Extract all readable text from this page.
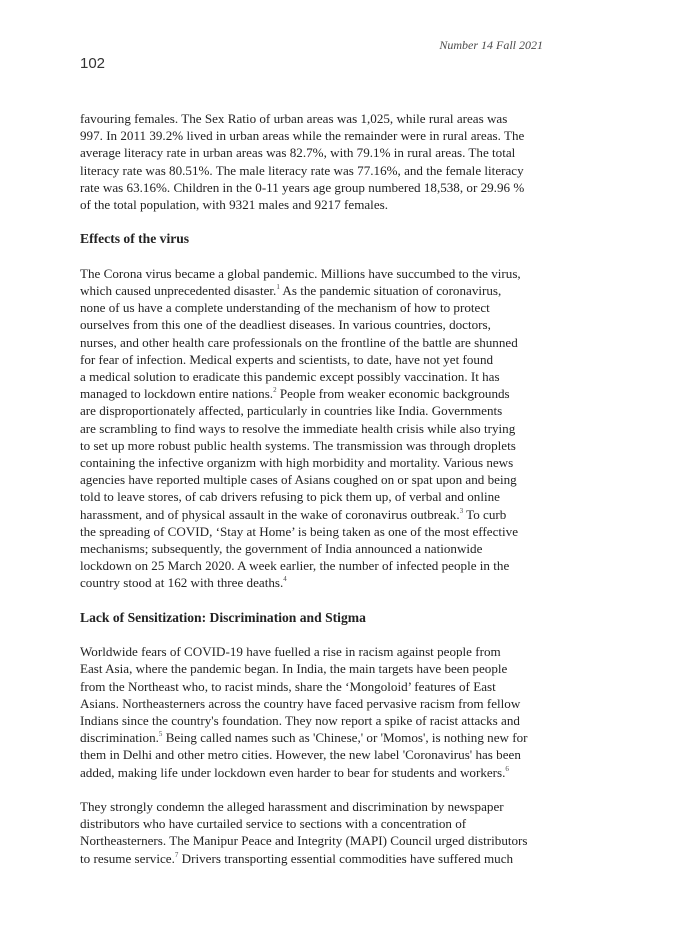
Number 14 Fall 2021
102
favouring females. The Sex Ratio of urban areas was 1,025, while rural areas was
997. In 2011 39.2% lived in urban areas while the remainder were in rural areas. The
average literacy rate in urban areas was 82.7%, with 79.1% in rural areas. The total
literacy rate was 80.51%. The male literacy rate was 77.16%, and the female literacy
rate was 63.16%. Children in the 0-11 years age group numbered 18,538, or 29.96 %
of the total population, with 9321 males and 9217 females.
Effects of the virus
The Corona virus became a global pandemic. Millions have succumbed to the virus,
which caused unprecedented disaster.$^1$ As the pandemic situation of coronavirus,
none of us have a complete understanding of the mechanism of how to protect
ourselves from this one of the deadliest diseases. In various countries, doctors,
nurses, and other health care professionals on the frontline of the battle are shunned
for fear of infection. Medical experts and scientists, to date, have not yet found
a medical solution to eradicate this pandemic except possibly vaccination. It has
managed to lockdown entire nations.$^2$ People from weaker economic backgrounds
are disproportionately affected, particularly in countries like India. Governments
are scrambling to find ways to resolve the immediate health crisis while also trying
to set up more robust public health systems. The transmission was through droplets
containing the infective organizm with high morbidity and mortality. Various news
agencies have reported multiple cases of Asians coughed on or spat upon and being
told to leave stores, of cab drivers refusing to pick them up, of verbal and online
harassment, and of physical assault in the wake of coronavirus outbreak.$^3$ To curb
the spreading of COVID, ‘Stay at Home’ is being taken as one of the most effective
mechanisms; subsequently, the government of India announced a nationwide
lockdown on 25 March 2020. A week earlier, the number of infected people in the
country stood at 162 with three deaths.$^4$
Lack of Sensitization: Discrimination and Stigma
Worldwide fears of COVID-19 have fuelled a rise in racism against people from
East Asia, where the pandemic began. In India, the main targets have been people
from the Northeast who, to racist minds, share the ‘Mongoloid’ features of East
Asians. Northeasterners across the country have faced pervasive racism from fellow
Indians since the country's foundation. They now report a spike of racist attacks and
discrimination.$^5$ Being called names such as 'Chinese,' or 'Momos', is nothing new for
them in Delhi and other metro cities. However, the new label 'Coronavirus' has been
added, making life under lockdown even harder to bear for students and workers.$^6$
They strongly condemn the alleged harassment and discrimination by newspaper
distributors who have curtailed service to sections with a concentration of
Northeasterners. The Manipur Peace and Integrity (MAPI) Council urged distributors
to resume service.$^7$ Drivers transporting essential commodities have suffered much
